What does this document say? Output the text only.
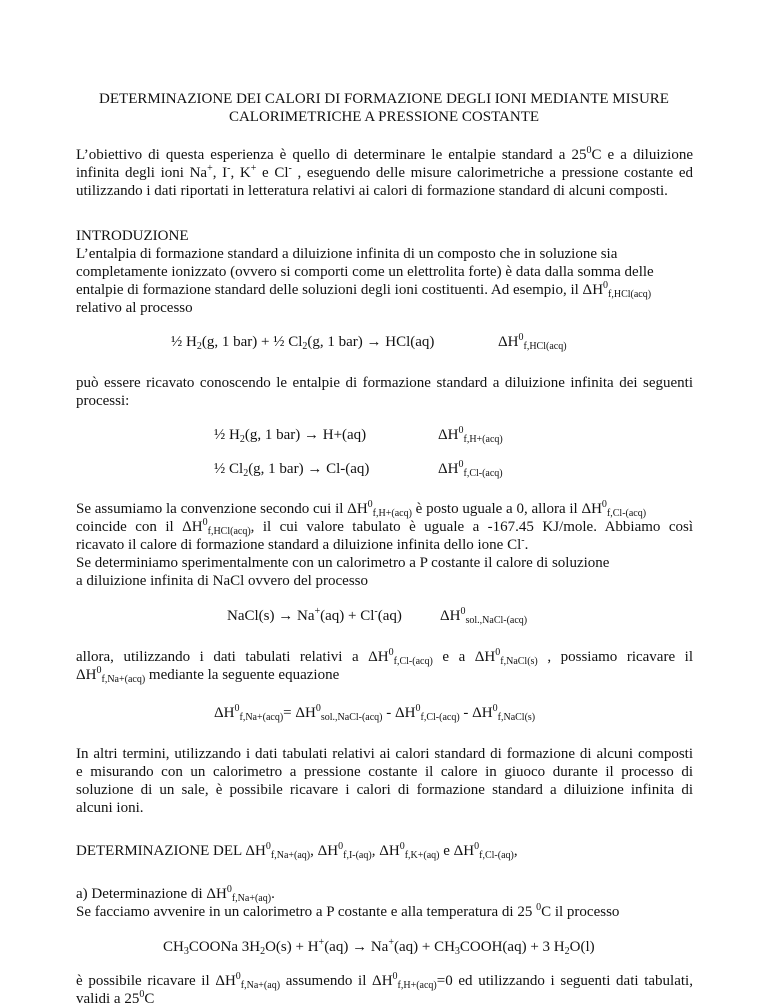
DETERMINAZIONE DEI CALORI DI FORMAZIONE DEGLI IONI MEDIANTE MISURE
CALORIMETRICHE A PRESSIONE COSTANTE
L’obiettivo di questa esperienza è quello di determinare le entalpie standard a $25^0C$ e a diluizione
infinita degli ioni Na+, I-, K+ e Cl- , eseguendo delle misure calorimetriche a pressione costante ed
utilizzando i dati riportati in letteratura relativi ai calori di formazione standard di alcuni composti.
INTRODUZIONE
L’entalpia di formazione standard a diluizione infinita di un composto che in soluzione sia
completamente ionizzato (ovvero si comporti come un elettrolita forte) è data dalla somma delle
entalpie di formazione standard delle soluzioni degli ioni costituenti. Ad esempio, il $\Delta H^0_{f,HCl(acq)}$
relativo al processo
½ $H_2(g$, 1 bar) + ½ $Cl_2(g$, 1 bar) → HCl(aq)	$\Delta H^0_{f,HCl(acq)}$
può essere ricavato conoscendo le entalpie di formazione standard a diluizione infinita dei seguenti
processi:
½ $H_2(g$, 1 bar) → H+(aq)	$\Delta H^0_{f,H+(acq)}$
½ $Cl_2(g$, 1 bar) → Cl-(aq)	$\Delta H^0_{f,Cl-(acq)}$
Se assumiamo la convenzione secondo cui il $\Delta H^0_{f,H+(acq)}$ è posto uguale a 0, allora il $\Delta H^0_{f,Cl-(acq)}$
coincide con il $\Delta H^0_{f,HCl(acq)}$, il cui valore tabulato è uguale a -167.45 KJ/mole. Abbiamo così
ricavato il calore di formazione standard a diluizione infinita dello ione Cl-.
Se determiniamo sperimentalmente con un calorimetro a P costante il calore di soluzione
a diluizione infinita di NaCl ovvero del processo
NaCl(s) → Na+(aq) + Cl-(aq)	$\Delta H^0_{sol.,NaCl-(acq)}$
allora, utilizzando i dati tabulati relativi a $\Delta H^0_{f,Cl-(acq)}$ e a $\Delta H^0_{f,NaCl(s)}$ , possiamo ricavare il
$\Delta H^0_{f,Na+(acq)}$ mediante la seguente equazione
$\Delta H^0_{f,Na+(acq)}= \Delta H^0_{sol.,NaCl-(acq)} - \Delta H^0_{f,Cl-(acq)} - \Delta H^0_{f,NaCl(s)}$
In altri termini, utilizzando i dati tabulati relativi ai calori standard di formazione di alcuni composti
e misurando con un calorimetro a pressione costante il calore in giuoco durante il processo di
soluzione di un sale, è possibile ricavare i calori di formazione standard a diluizione infinita di
alcuni ioni.
DETERMINAZIONE DEL $\Delta H^0_{f,Na+(aq)}$, $\Delta H^0_{f,I-(aq)}$, $\Delta H^0_{f,K+(aq)}$ e $\Delta H^0_{f,Cl-(aq)}$,
a) Determinazione di $\Delta H^0_{f,Na+(aq)}$.
Se facciamo avvenire in un calorimetro a P costante e alla temperatura di 25 $^0$C il processo
$CH_3COONa$ $3H_2O(s) + H^+(aq) \to Na^+(aq)$ + $CH_3COOH(aq) + 3$ $H_2O(l)$
è possibile ricavare il $\Delta H^0_{f,Na+(aq)}$ assumendo il $\Delta H^0_{f,H+(acq)}=0$ ed utilizzando i seguenti dati tabulati,
validi a $25^0C$
